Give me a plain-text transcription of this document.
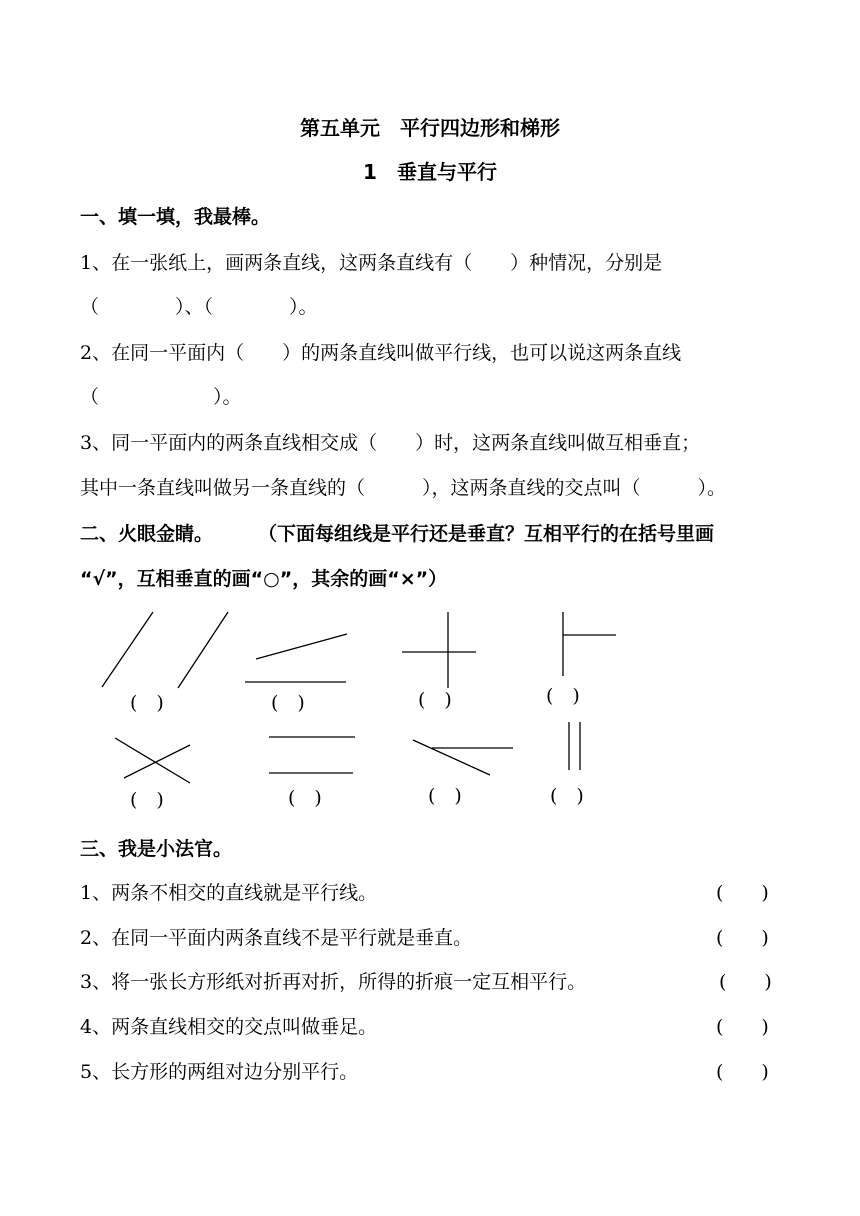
第五单元　平行四边形和梯形
1　垂直与平行
一、填一填，我最棒。
1、在一张纸上，画两条直线，这两条直线有（　　）种情况，分别是
（　　　　）、（　　　　）。
2、在同一平面内（　　）的两条直线叫做平行线，也可以说这两条直线
（　　　　　　）。
3、同一平面内的两条直线相交成（　　）时，这两条直线叫做互相垂直；
其中一条直线叫做另一条直线的（　　　），这两条直线的交点叫（　　　）。
二、火眼金睛。 （下面每组线是平行还是垂直？互相平行的在括号里画
“√”，互相垂直的画“○”，其余的画“×”）
(　)	(　)	(　)	(　)
(　)	(　)	(　)	(　)
三、我是小法官。
1、两条不相交的直线就是平行线。	(　　)
2、在同一平面内两条直线不是平行就是垂直。	(　　)
3、将一张长方形纸对折再对折，所得的折痕一定互相平行。	(　　)
4、两条直线相交的交点叫做垂足。	(　　)
5、长方形的两组对边分别平行。	(　　)
